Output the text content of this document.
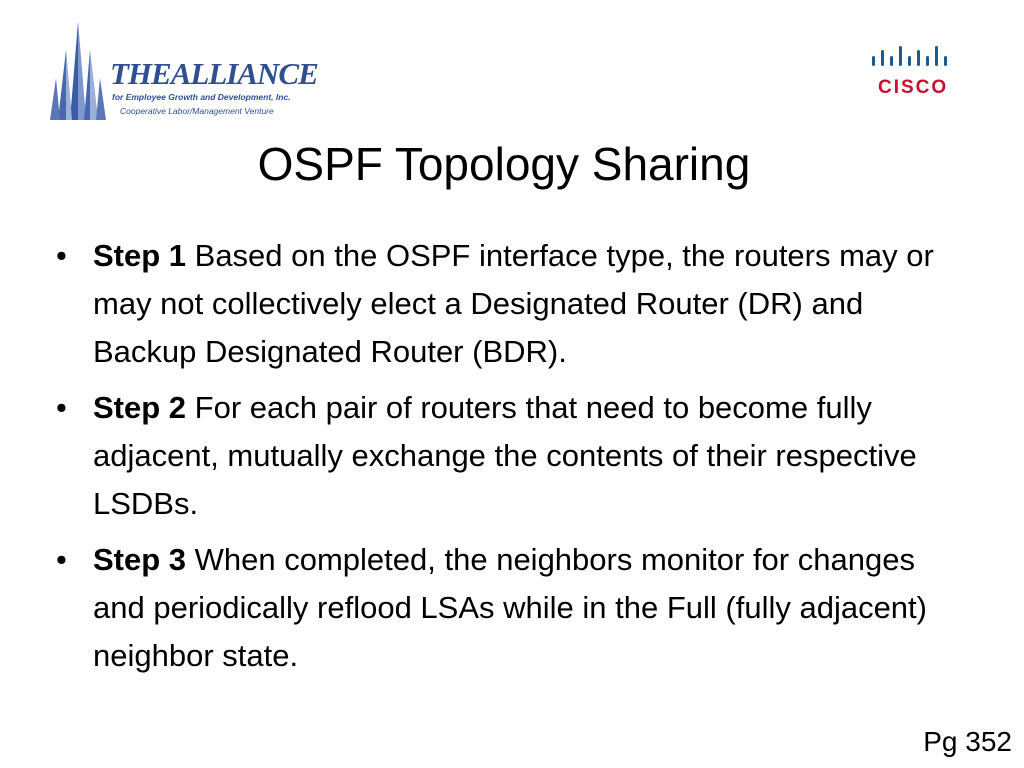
THEALLIANCE
for Employee Growth and Development, Inc.
Cooperative Labor/Management Venture
CISCO
OSPF Topology Sharing
• Step 1 Based on the OSPF interface type, the routers may or may not collectively elect a Designated Router (DR) and Backup Designated Router (BDR).
• Step 2 For each pair of routers that need to become fully adjacent, mutually exchange the contents of their respective LSDBs.
• Step 3 When completed, the neighbors monitor for changes and periodically reflood LSAs while in the Full (fully adjacent) neighbor state.
Pg 352
